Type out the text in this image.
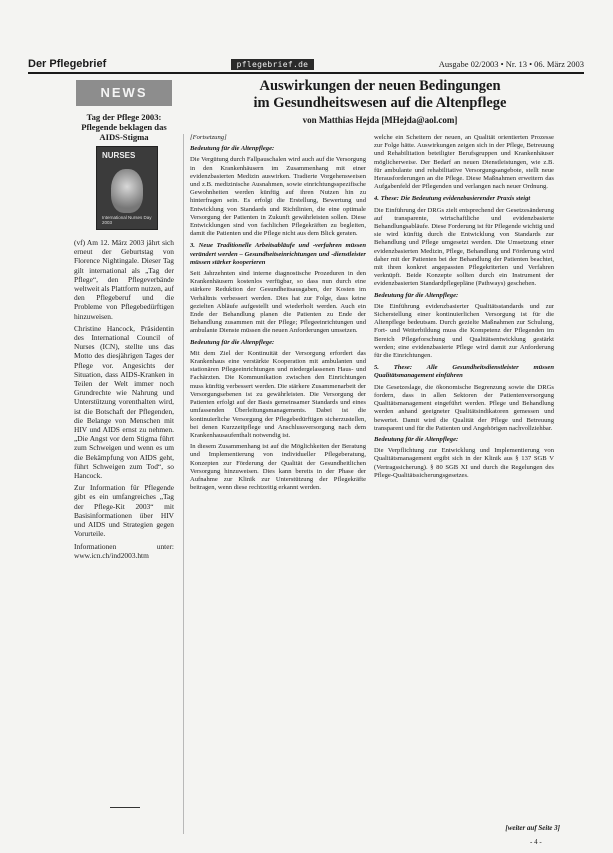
Der Pflegebrief	pflegebrief.de	Ausgabe 02/2003 • Nr. 13 • 06. März 2003
NEWS
Tag der Pflege 2003: Pflegende beklagen das AIDS-Stigma
NURSES
International Nurses Day 2003

(vf) Am 12. März 2003 jährt sich erneut der Geburtstag von Florence Nightingale. Dieser Tag gilt international als „Tag der Pflege“, den Pflegeverbände weltweit als Plattform nutzen, auf den Pflegeberuf und die Probleme von Pflegebedürftigen hinzuweisen.

Christine Hancock, Präsidentin des International Council of Nurses (ICN), stellte uns das Motto des diesjährigen Tages der Pflege vor. Angesichts der Situation, dass AIDS-Kranken in Teilen der Welt immer noch Grundrechte wie Nahrung und Unterstützung vorenthalten wird, ist die Botschaft der Pflegenden, die Belange von Menschen mit HIV und AIDS ernst zu nehmen. „Die Angst vor dem Stigma führt zum Schweigen und wenn es um die Bekämpfung von AIDS geht, führt Schweigen zum Tod“, so Hancock.

Zur Information für Pflegende gibt es ein umfangreiches „Tag der Pflege-Kit 2003“ mit Basisinformationen über HIV und AIDS und Strategien gegen Vorurteile.

Informationen unter: www.icn.ch/ind2003.htm

Auswirkungen der neuen Bedingungen
im Gesundheitswesen auf die Altenpflege
von Matthias Hejda [MHejda@aol.com]

[Fortsetzung]

Bedeutung für die Altenpflege:

Die Vergütung durch Fallpauschalen wird auch auf die Versorgung in den Krankenhäusern im Zusammenhang mit einer evidenzbasierten Medizin auswirken. Tradierte Vorgehensweisen und z.B. medizinische Ausnahmen, sowie einrichtungsspezifische Gewohnheiten werden künftig auf ihren Nutzen hin zu hinterfragen sein. Es erfolgt die Erstellung, Bewertung und Entwicklung von Standards und Richtlinien, die eine optimale Versorgung der Patienten in Zukunft gewährleisten sollen. Diese Entwicklungen sind von fachlichen Pflegekräften zu begleiten, damit die Patienten und die Pflege nicht aus dem Blick geraten.

3. Neue Traditionelle Arbeitsabläufe und -verfahren müssen verändert werden – Gesundheitseinrichtungen und -dienstleister müssen stärker kooperieren

Seit Jahrzehnten sind interne diagnostische Prozeduren in den Krankenhäusern kostenlos verfügbar, so dass nun durch eine stärkere Reduktion der Gesundheitsausgaben, der Kosten im Verhältnis verbessert werden. Dies hat zur Folge, dass keine gezielten Abläufe aufgestellt und wiederholt werden. Auch ein Ende der Behandlung planen die Patienten zu Ende der Behandlung zusammen mit der Pflege; Pflegeeinrichtungen und ambulante Dienste müssen die neuen Anforderungen umsetzen.

Bedeutung für die Altenpflege:

Mit dem Ziel der Kontinuität der Versorgung erfordert das Krankenhaus eine verstärkte Kooperation mit ambulanten und stationären Pflegeeinrichtungen und niedergelassenen Haus- und Fachärzten. Die Kommunikation zwischen den Einrichtungen muss künftig verbessert werden. Die stärkere Zusammenarbeit der Versorgungsebenen ist zu gewährleisten. Die Versorgung der Patienten erfolgt auf der Basis gemeinsamer Standards und eines umfassenden Überleitungsmanagements. Dabei ist die kontinuierliche Versorgung der Pflegebedürftigen sicherzustellen, bei denen Kurzzeitpflege und Anschlussversorgung nach dem Krankenhausaufenthalt notwendig ist.

In diesem Zusammenhang ist auf die Möglichkeiten der Beratung und Implementierung von individueller Pflegeberatung, Konzepten zur Förderung der Qualität der Gesundheitlichen Versorgung hinzuweisen. Dies kann bereits in der Phase der Aufnahme zur Klinik zur Unterstützung der Pflegekräfte beitragen, wenn diese rechtzeitig erkannt werden.

welche ein Scheitern der neuen, an Qualität orientierten Prozesse zur Folge hätte. Auswirkungen zeigen sich in der Pflege, Betreuung und Rehabilitation beteiligter Berufsgruppen und Krankenhäuser möglicherweise. Der Bedarf an neuen Dienstleistungen, wie z.B. für ambulante und rehabilitative Versorgungsangebote, stellt neue Herausforderungen an die Pflege. Diese Maßnahmen erweitern das Aufgabenfeld der Pflegenden und verlangen nach neuer Ordnung.

4. These: Die Bedeutung evidenzbasierender Praxis steigt

Die Einführung der DRGs zielt entsprechend der Gesetzesänderung auf transparente, wirtschaftliche und evidenzbasierte Behandlungsabläufe. Diese Forderung ist für Pflegende wichtig und sie wird künftig durch die Entwicklung von Standards zur Behandlung und Pflege umgesetzt werden. Die Umsetzung einer evidenzbasierten Medizin, Pflege, Behandlung und Förderung wird daher mit der Patienten bei der Behandlung der Patienten beachtet, mit ihren konkret angepassten Pflegekriterien und Verfahren verknüpft. Beide Konzepte sollten durch ein Instrument der evidenzbasierten Standardpflegepläne (Pathways) geschehen.

Bedeutung für die Altenpflege:

Die Einführung evidenzbasierter Qualitätsstandards und zur Sicherstellung einer kontinuierlichen Versorgung ist für die Altenpflege bedeutsam. Durch gezielte Maßnahmen zur Schulung, Fort- und Weiterbildung muss die Kompetenz der Pflegenden im Bereich Pflegeforschung und Qualitätsentwicklung gestärkt werden; eine evidenzbasierte Pflege wird damit zur Anforderung für die Einrichtungen.

5. These: Alle Gesundheitsdienstleister müssen Qualitätsmanagement einführen

Die Gesetzeslage, die ökonomische Begrenzung sowie die DRGs fordern, dass in allen Sektoren der Patientenversorgung Qualitätsmanagement eingeführt werden. Pflege und Behandlung werden anhand geeigneter Qualitätsindikatoren gemessen und bewertet. Damit wird die Qualität der Pflege und Betreuung transparent und für die Patienten und Angehörigen nachvollziehbar.

Bedeutung für die Altenpflege:

Die Verpflichtung zur Entwicklung und Implementierung von Qualitätsmanagement ergibt sich in der Klinik aus § 137 SGB V (Vertragssicherung). § 80 SGB XI und durch die Regelungen des Pflege-Qualitätssicherungsgesetzes.

[weiter auf Seite 3]
- 4 -
